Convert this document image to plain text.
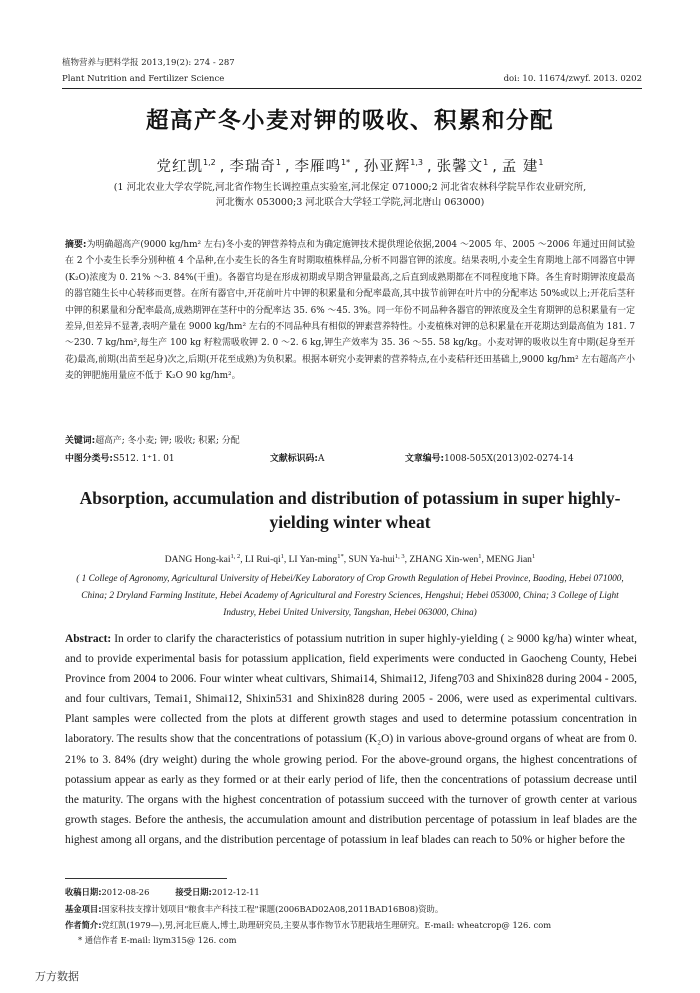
植物营养与肥料学报 2013,19(2): 274 - 287
Plant Nutrition and Fertilizer Science	doi: 10. 11674/zwyf. 2013. 0202
超高产冬小麦对钾的吸收、积累和分配
党红凯$^{1,2}$ , 李瑞奇$^1$ , 李雁鸣$^{1*}$ , 孙亚辉$^{1,3}$ , 张馨文$^1$ , 孟 建$^1$
(1 河北农业大学农学院,河北省作物生长调控重点实验室,河北保定 071000;2 河北省农林科学院旱作农业研究所,
河北衡水 053000;3 河北联合大学轻工学院,河北唐山 063000)
摘要:为明确超高产(9000 kg/hm² 左右)冬小麦的钾营养特点和为确定施钾技术提供理论依据,2004 ～2005 年、2005 ～2006 年通过田间试验在 2 个小麦生长季分别种植 4 个品种,在小麦生长的各生育时期取植株样品,分析不同器官钾的浓度。结果表明,小麦全生育期地上部不同器官中钾(K₂O)浓度为 0. 21% ～3. 84%(干重)。各器官均是在形成初期或早期含钾量最高,之后直到成熟期都在不同程度地下降。各生育时期钾浓度最高的器官随生长中心转移而更替。在所有器官中,开花前叶片中钾的积累量和分配率最高,其中拔节前钾在叶片中的分配率达 50%或以上;开花后茎秆中钾的积累量和分配率最高,成熟期钾在茎秆中的分配率达 35. 6% ～45. 3%。同一年份不同品种各器官的钾浓度及全生育期钾的总积累量有一定差异,但差异不显著,表明产量在 9000 kg/hm² 左右的不同品种具有相似的钾素营养特性。小麦植株对钾的总积累量在开花期达到最高值为 181. 7 ～230. 7 kg/hm²,每生产 100 kg 籽粒需吸收钾 2. 0 ～2. 6 kg,钾生产效率为 35. 36 ～55. 58 kg/kg。小麦对钾的吸收以生育中期(起身至开花)最高,前期(出苗至起身)次之,后期(开花至成熟)为负积累。根据本研究小麦钾素的营养特点,在小麦秸秆还田基础上,9000 kg/hm² 左右超高产小麦的钾肥施用量应不低于 K₂O 90 kg/hm²。
关键词:超高产; 冬小麦; 钾; 吸收; 积累; 分配
中图分类号:S512. 1⁺1. 01	文献标识码:A	文章编号:1008-505X(2013)02-0274-14
Absorption, accumulation and distribution of potassium in super highly-yielding winter wheat
DANG Hong-kai$^{1, 2}$, LI Rui-$qi^1$, LI Yan-ming$^{1*}$, SUN Ya-hui$^{1, 3}$, ZHANG Xin-wen$^1$, MENG Jian$^1$
( 1 College of Agronomy, Agricultural University of Hebei/Key Laboratory of Crop Growth Regulation of Hebei Province, Baoding, Hebei 071000, China; 2 Dryland Farming Institute, Hebei Academy of Agricultural and Forestry Sciences, Hengshui; Hebei 053000, China; 3 College of Light Industry, Hebei United University, Tangshan, Hebei 063000, China)
Abstract: In order to clarify the characteristics of potassium nutrition in super highly-yielding ( ≥ 9000 kg/ha) winter wheat, and to provide experimental basis for potassium application, field experiments were conducted in Gaocheng County, Hebei Province from 2004 to 2006. Four winter wheat cultivars, Shimai14, Shimai12, Jifeng703 and Shixin828 during 2004 - 2005, and four cultivars, Temai1, Shimai12, Shixin531 and Shixin828 during 2005 - 2006, were used as experimental cultivars. Plant samples were collected from the plots at different growth stages and used to determine potassium concentration in laboratory. The results show that the concentrations of potassium (K₂O) in various above-ground organs of wheat are from 0. 21% to 3. 84% (dry weight) during the whole growing period. For the above-ground organs, the highest concentrations of potassium appear as early as they formed or at their early period of life, then the concentrations of potassium decrease until the maturity. The organs with the highest concentration of potassium succeed with the turnover of growth center at various growth stages. Before the anthesis, the accumulation amount and distribution percentage of potassium in leaf blades are the highest among all organs, and the distribution percentage of potassium in leaf blades can reach to 50% or higher before the
收稿日期:2012-08-26	接受日期:2012-12-11
基金项目:国家科技支撑计划项目"粮食丰产科技工程"课题(2006BAD02A08,2011BAD16B08)资助。
作者简介:党红凯(1979—),男,河北巨鹿人,博士,助理研究员,主要从事作物节水节肥栽培生理研究。E-mail: wheatcrop@ 126. com
* 通信作者 E-mail: liym315@ 126. com
万方数据
